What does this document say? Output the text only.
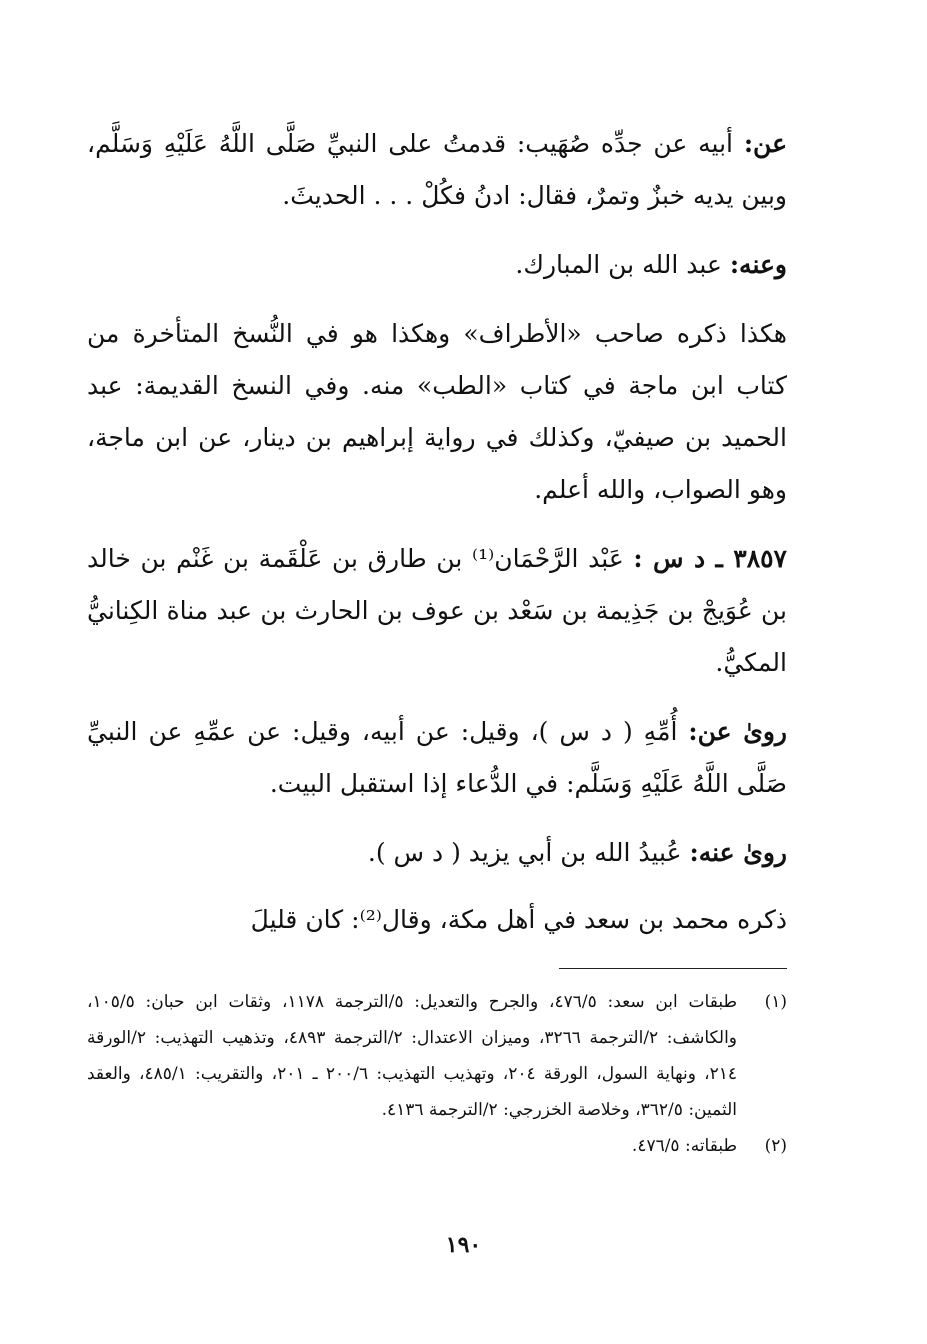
عن: أبيه عن جدِّه صُهَيب: قدمتُ على النبيِّ صَلَّى اللَّهُ عَلَيْهِ وَسَلَّم، وبين يديه خبزٌ وتمرٌ، فقال: ادنُ فكُلْ . . . الحديثَ.

وعنه: عبد الله بن المبارك.

هكذا ذكره صاحب «الأطراف» وهكذا هو في النُّسخ المتأخرة من كتاب ابن ماجة في كتاب «الطب» منه. وفي النسخ القديمة: عبد الحميد بن صيفيّ، وكذلك في رواية إبراهيم بن دينار، عن ابن ماجة، وهو الصواب، والله أعلم.

٣٨٥٧ ـ د س : عَبْد الرَّحْمَان⁽¹⁾ بن طارق بن عَلْقَمة بن غَنْم بن خالد بن عُوَيجْ بن جَذِيمة بن سَعْد بن عوف بن الحارث بن عبد مناة الكِنانيُّ المكيُّ.

روىٰ عن: أُمِّهِ ( د س )، وقيل: عن أبيه، وقيل: عن عمِّهِ عن النبيِّ صَلَّى اللَّهُ عَلَيْهِ وَسَلَّم: في الدُّعاء إذا استقبل البيت.

روىٰ عنه: عُبيدُ الله بن أبي يزيد ( د س ).

ذكره محمد بن سعد في أهل مكة، وقال⁽²⁾: كان قليلَ

(١)
طبقات ابن سعد: ٤٧٦/٥، والجرح والتعديل: ٥/الترجمة ١١٧٨، وثقات ابن حبان: ١٠٥/٥، والكاشف: ٢/الترجمة ٣٢٦٦، وميزان الاعتدال: ٢/الترجمة ٤٨٩٣، وتذهيب التهذيب: ٢/الورقة ٢١٤، ونهاية السول، الورقة ٢٠٤، وتهذيب التهذيب: ٢٠٠/٦ ـ ٢٠١، والتقريب: ٤٨٥/١، والعقد الثمين: ٣٦٢/٥، وخلاصة الخزرجي: ٢/الترجمة ٤١٣٦.
(٢)
طبقاته: ٤٧٦/٥.
١٩٠
